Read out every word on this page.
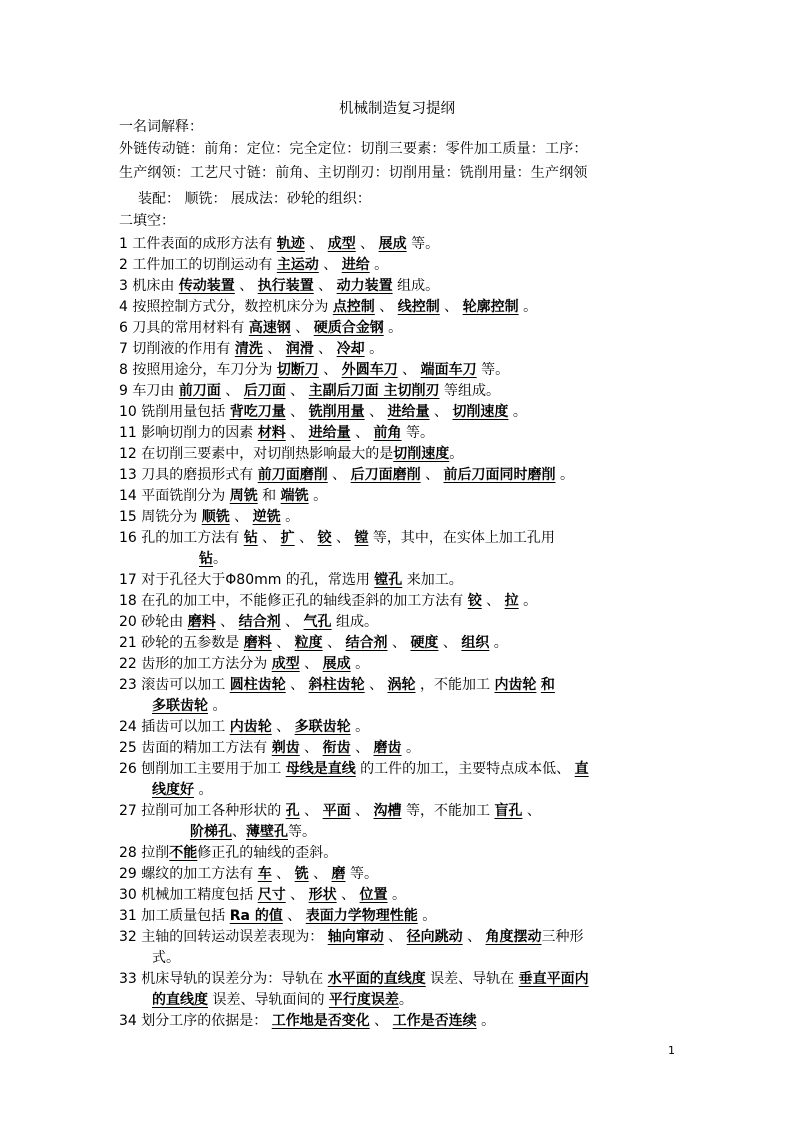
机械制造复习提纲
一名词解释：
外链传动链：前角：定位：完全定位：切削三要素：零件加工质量：工序：
生产纲领：工艺尺寸链：前角、主切削刃：切削用量：铣削用量：生产纲领
装配： 顺铣： 展成法：砂轮的组织：
二填空：
1 工件表面的成形方法有 轨迹 、 成型 、 展成 等。
2 工件加工的切削运动有 主运动 、 进给 。
3 机床由 传动装置 、 执行装置 、 动力装置 组成。
4 按照控制方式分，数控机床分为 点控制 、 线控制 、 轮廓控制 。
6 刀具的常用材料有 高速钢 、 硬质合金钢 。
7 切削液的作用有 清洗 、 润滑 、 冷却 。
8 按照用途分，车刀分为 切断刀 、 外圆车刀 、 端面车刀 等。
9 车刀由 前刀面 、 后刀面 、 主副后刀面 主切削刃 等组成。
10 铣削用量包括 背吃刀量 、 铣削用量 、 进给量 、 切削速度 。
11 影响切削力的因素 材料 、 进给量 、 前角 等。
12 在切削三要素中，对切削热影响最大的是切削速度。
13 刀具的磨损形式有 前刀面磨削 、 后刀面磨削 、 前后刀面同时磨削 。
14 平面铣削分为 周铣 和 端铣 。
15 周铣分为 顺铣 、 逆铣 。
16 孔的加工方法有 钻 、 扩 、 铰 、 镗 等，其中，在实体上加工孔用
钻。
17 对于孔径大于Φ80mm 的孔，常选用 镗孔 来加工。
18 在孔的加工中，不能修正孔的轴线歪斜的加工方法有 铰 、 拉 。
20 砂轮由 磨料 、 结合剂 、 气孔 组成。
21 砂轮的五参数是 磨料 、 粒度 、 结合剂 、 硬度 、 组织 。
22 齿形的加工方法分为 成型 、 展成 。
23 滚齿可以加工 圆柱齿轮 、 斜柱齿轮 、 涡轮 ，不能加工 内齿轮 和
多联齿轮 。
24 插齿可以加工 内齿轮 、 多联齿轮 。
25 齿面的精加工方法有 剃齿 、 衔齿 、 磨齿 。
26 刨削加工主要用于加工 母线是直线 的工件的加工，主要特点成本低、 直
线度好 。
27 拉削可加工各种形状的 孔 、 平面 、 沟槽 等，不能加工 盲孔 、
阶梯孔、薄壁孔等。
28 拉削不能修正孔的轴线的歪斜。
29 螺纹的加工方法有 车 、 铣 、 磨 等。
30 机械加工精度包括 尺寸 、 形状 、 位置 。
31 加工质量包括 Ra 的值 、 表面力学物理性能 。
32 主轴的回转运动误差表现为： 轴向窜动 、 径向跳动 、 角度摆动三种形
式。
33 机床导轨的误差分为：导轨在 水平面的直线度 误差、导轨在 垂直平面内
的直线度 误差、导轨面间的 平行度误差。
34 划分工序的依据是： 工作地是否变化 、 工作是否连续 。
1
